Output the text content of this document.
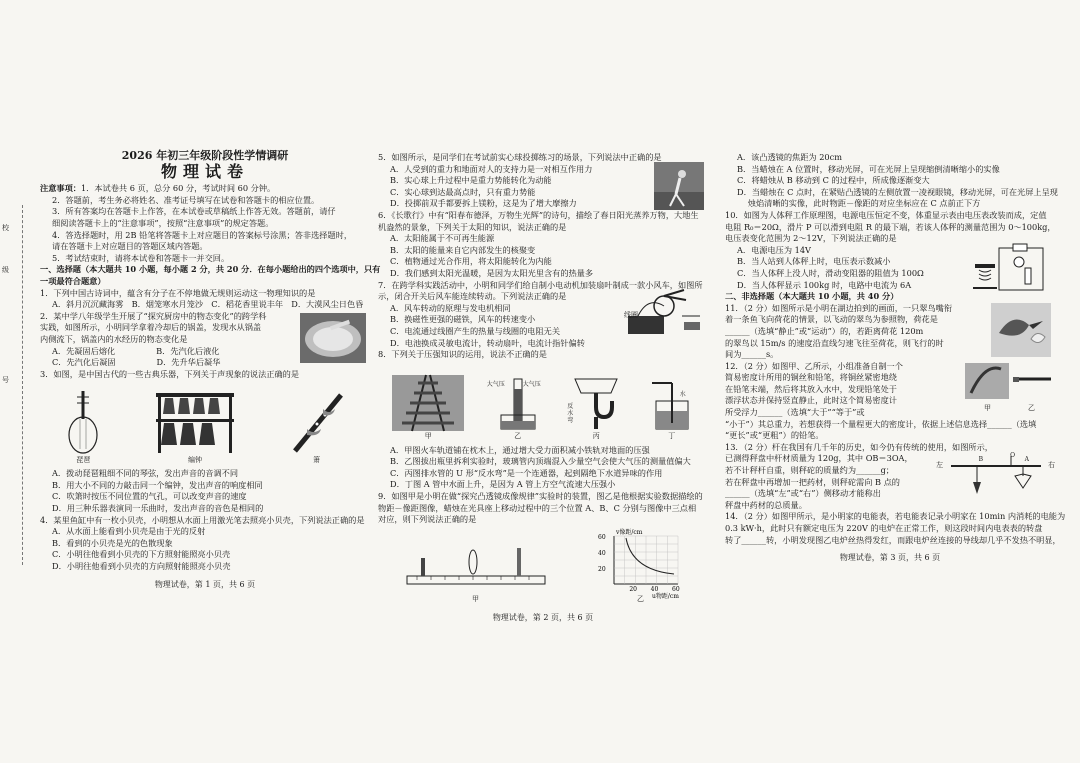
校
级
号

2026 年初三年级阶段性学情调研

物理试卷

注意事项：1．本试卷共 6 页，总分 60 分，考试时间 60 分钟。

2．答题前，考生务必将姓名、准考证号填写在试卷和答题卡的相应位置。

3．所有答案均在答题卡上作答，在本试卷或草稿纸上作答无效。答题前，请仔

细阅读答题卡上的“注意事项”，按照“注意事项”的规定答题。

4．答选择题时，用 2B 铅笔将答题卡上对应题目的答案标号涂黑；答非选择题时，

请在答题卡上对应题目的答题区域内答题。

5．考试结束时，请将本试卷和答题卡一并交回。

一、选择题（本大题共 10 小题，每小题 2 分，共 20 分．在每小题给出的四个选项中，只有

一项最符合题意）

1．下列中国古诗词中，蕴含有分子在不停地做无规则运动这一物理知识的是

A．斜月沉沉藏海雾　B．烟笼寒水月笼沙　C．稻花香里说丰年　D．大漠风尘日色昏

2．某中学八年级学生开展了“探究厨房中的物态变化”的跨学科

实践，如图所示，小明同学拿着冷却后的锅盖，发现水从锅盖

内侧流下，锅盖内的水经历的物态变化是

A．先凝固后熔化　　　　　B．先汽化后液化

C．先汽化后凝固　　　　　D．先升华后凝华

3．如图，是中国古代的一些古典乐器，下列关于声现象的说法正确的是

琵琶	编钟	箫

A．拨动琵琶粗细不同的琴弦，发出声音的音调不同

B．用大小不同的力敲击同一个编钟，发出声音的响度相同

C．吹箫时按压不同位置的气孔，可以改变声音的速度

D．用三种乐器表演同一乐曲时，发出声音的音色是相同的

4．某里鱼缸中有一枚小贝壳，小明想从水面上用激光笔去照亮小贝壳，下列说法正确的是

A．从水面上能看到小贝壳是由于光的反射

B．看到的小贝壳是光的色散现象

C．小明往他看到小贝壳的下方照射能照亮小贝壳

D．小明往他看到小贝壳的方向照射能照亮小贝壳

物理试卷，第 1 页，共 6 页

5．如图所示，是同学们在考试前实心球投掷练习的场景，下列说法中正确的是

A．人受到的重力和地面对人的支持力是一对相互作用力

B．实心球上升过程中是重力势能转化为动能

C．实心球到达最高点时，只有重力势能

D．投掷前双手都要拆上镁粉，这是为了增大摩擦力

6．《长歌行》中有“阳春布德泽，万物生光辉”的诗句，描绘了春日阳光蒸养万物，大地生

机盎然的景象，下列关于太阳的知识，说法正确的是

A．太阳能属于不可再生能源

B．太阳的能量来自它内部发生的核聚变

C．植物通过光合作用，将太阳能转化为内能

D．我们感到太阳光温暖，是因为太阳光里含有的热量多

7．在跨学科实践活动中，小明和同学们给自制小电动机加装扇叶制成一款小风车，如图所

示，闭合开关后风车能连续转动。下列说法正确的是

A．风车转动的原理与发电机相同

B．换磁性更强的磁铁，风车的转速变小

C．电流通过线圈产生的热量与线圈的电阻无关

D．电池换成灵敏电流计，转动扇叶，电流计指针偏转

线圈

8．下列关于压强知识的运用，说法不正确的是

甲
大气压	大气压
乙
反水弯
丙
水
丁

A．甲图火车轨道铺在枕木上，通过增大受力面积减小铁轨对地面的压强

B．乙图拔出瓶里拆利实验时，玻璃管内顶端混入少量空气会使大气压的测量值偏大

C．丙图排水管的 U 形“反水弯”是一个连通器，起到隔绝下水道异味的作用

D．丁图 A 管中水面上升，是因为 A 管上方空气流速大压强小

9．如图甲是小明在做“探究凸透镜成像规律”实验时的装置，图乙是他根据实验数据描绘的

物距－像距图像，蜡烛在光具座上移动过程中的三个位置 A、B、C 分别与图像中三点相

对应，则下列说法正确的是

甲
60
40
20
20 40 60
v像距/cm
u物距/cm
乙

物理试卷，第 2 页，共 6 页

A．该凸透镜的焦距为 20cm

B．当蜡烛在 A 位置时，移动光屏，可在光屏上呈现缩倒清晰缩小的实像

C．将蜡烛从 B 移动到 C 的过程中，所成像逐渐变大

D．当蜡烛在 C 点时，在紧贴凸透镜的左侧放置一凌视眼镜，移动光屏，可在光屏上呈现

　 烛焰清晰的实像，此时物距－像距的对应坐标应在 C 点前正下方

10．如图为人体秤工作原理图，电源电压恒定不变，体重显示表由电压表改装而成，定值

电阻 R₀＝20Ω，滑片 P 可以滑到电阻 R 的最下端，若该人体秤的测量范围为 0～100kg，

电压表变化范围为 2～12V，下列说法正确的是

A．电源电压为 14V

B．当人站到人体秤上时，电压表示数减小

C．当人体秤上没人时，滑动变阻器的阻值为 100Ω

D．当人体秤显示 100kg 时，电路中电流为 6A

二、非选择题（本大题共 10 小题，共 40 分）

11．（2 分）如图所示是小明在湖边拍到的画面，一只翠鸟嘴衔

着一条鱼飞向荷花的情景，以飞动的翠鸟为参照物，荷花是

______（选填“静止”或“运动”）的，若距离荷花 120m

的翠鸟以 15m/s 的速度沿直线匀速飞往至荷花，则飞行的时

间为______s。

12．（2 分）如图甲、乙所示，小组准备自制一个

简易密度计所用的铜丝和铅笔，将铜丝紧密地绕

在铅笔末端，然后将其放入水中，发现铅笔处于

漂浮状态并保持竖直静止，此时这个简易密度计

所受浮力______（选填“大于”“等于”或

“小于”）其总重力，若想获得一个量程更大的密度计，依据上述信息选择______（选填

“更长”或“更粗”）的铅笔。

甲	乙

13．（2 分）杆在我国有几千年的历史，如今仍有传统的使用，如图所示，

已测得秤盘中杆材质量为 120g，其中 OB＝3OA，

若不计秤杆自重，则秤砣的质量约为______g；

若在秤盘中再增加一把药材，则秤砣需向 B 点的

______（选填“左”或“右”）侧移动才能称出

秤盘中药材的总质量。

左	右
B
O
A

14．（2 分）如图甲所示，是小明家的电能表，若电能表记录小明家在 10min 内消耗的电能为

0.3 kW·h，此时只有额定电压为 220V 的电炉在正常工作，则这段时间内电表表的转盘

转了______转，小明发现图乙电炉丝热得发红，而跟电炉丝连接的导线却几乎不发热不明显，

物理试卷，第 3 页，共 6 页
